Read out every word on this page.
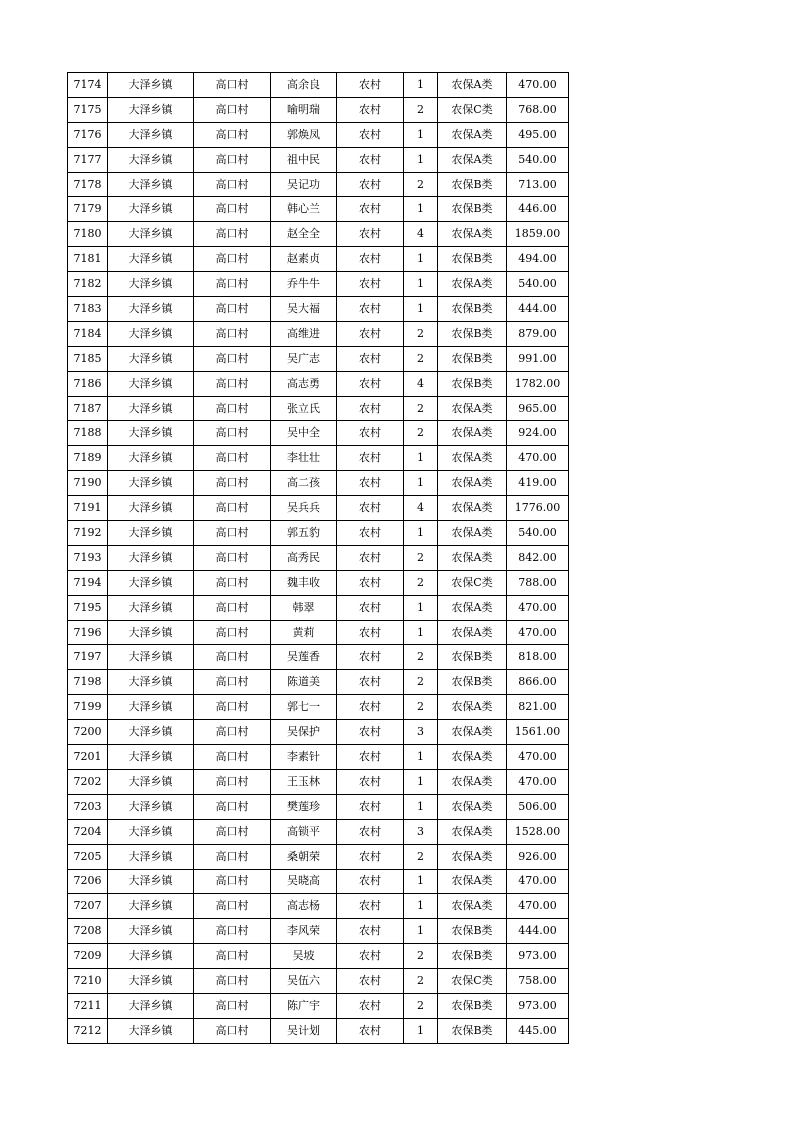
7174	大泽乡镇	高口村	高余良	农村	1	农保A类	470.00
7175	大泽乡镇	高口村	喻明瑞	农村	2	农保C类	768.00
7176	大泽乡镇	高口村	郭焕凤	农村	1	农保A类	495.00
7177	大泽乡镇	高口村	祖中民	农村	1	农保A类	540.00
7178	大泽乡镇	高口村	吴记功	农村	2	农保B类	713.00
7179	大泽乡镇	高口村	韩心兰	农村	1	农保B类	446.00
7180	大泽乡镇	高口村	赵全全	农村	4	农保A类	1859.00
7181	大泽乡镇	高口村	赵素贞	农村	1	农保B类	494.00
7182	大泽乡镇	高口村	乔牛牛	农村	1	农保A类	540.00
7183	大泽乡镇	高口村	吴大福	农村	1	农保B类	444.00
7184	大泽乡镇	高口村	高维进	农村	2	农保B类	879.00
7185	大泽乡镇	高口村	吴广志	农村	2	农保B类	991.00
7186	大泽乡镇	高口村	高志勇	农村	4	农保B类	1782.00
7187	大泽乡镇	高口村	张立氏	农村	2	农保A类	965.00
7188	大泽乡镇	高口村	吴中全	农村	2	农保A类	924.00
7189	大泽乡镇	高口村	李壮壮	农村	1	农保A类	470.00
7190	大泽乡镇	高口村	高二孩	农村	1	农保A类	419.00
7191	大泽乡镇	高口村	吴兵兵	农村	4	农保A类	1776.00
7192	大泽乡镇	高口村	郭五豹	农村	1	农保A类	540.00
7193	大泽乡镇	高口村	高秀民	农村	2	农保A类	842.00
7194	大泽乡镇	高口村	魏丰收	农村	2	农保C类	788.00
7195	大泽乡镇	高口村	韩翠	农村	1	农保A类	470.00
7196	大泽乡镇	高口村	黄莉	农村	1	农保A类	470.00
7197	大泽乡镇	高口村	吴莲香	农村	2	农保B类	818.00
7198	大泽乡镇	高口村	陈道美	农村	2	农保B类	866.00
7199	大泽乡镇	高口村	郭七一	农村	2	农保A类	821.00
7200	大泽乡镇	高口村	吴保护	农村	3	农保A类	1561.00
7201	大泽乡镇	高口村	李素针	农村	1	农保A类	470.00
7202	大泽乡镇	高口村	王玉林	农村	1	农保A类	470.00
7203	大泽乡镇	高口村	樊莲珍	农村	1	农保A类	506.00
7204	大泽乡镇	高口村	高锁平	农村	3	农保A类	1528.00
7205	大泽乡镇	高口村	桑朝荣	农村	2	农保A类	926.00
7206	大泽乡镇	高口村	吴晓高	农村	1	农保A类	470.00
7207	大泽乡镇	高口村	高志杨	农村	1	农保A类	470.00
7208	大泽乡镇	高口村	李风荣	农村	1	农保B类	444.00
7209	大泽乡镇	高口村	吴坡	农村	2	农保B类	973.00
7210	大泽乡镇	高口村	吴伍六	农村	2	农保C类	758.00
7211	大泽乡镇	高口村	陈广宇	农村	2	农保B类	973.00
7212	大泽乡镇	高口村	吴计划	农村	1	农保B类	445.00
